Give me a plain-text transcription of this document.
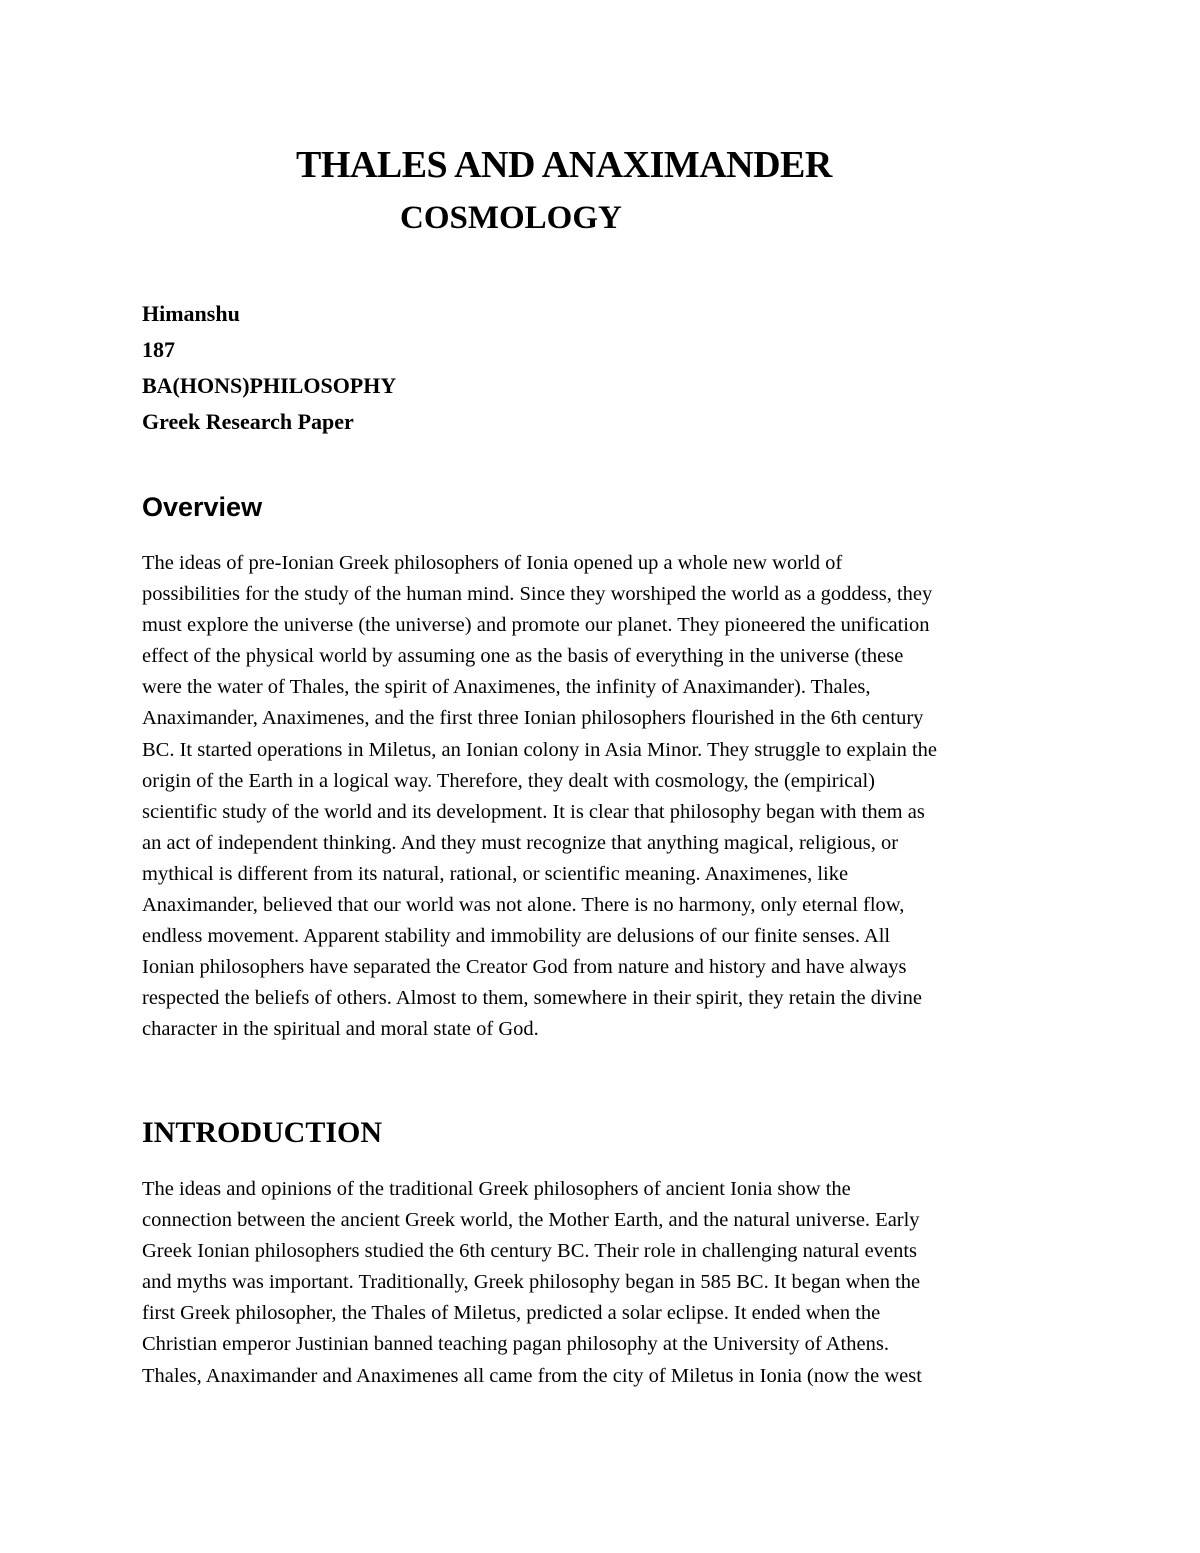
THALES AND ANAXIMANDER
COSMOLOGY
Himanshu
187
BA(HONS)PHILOSOPHY
Greek Research Paper
Overview
The ideas of pre-Ionian Greek philosophers of Ionia opened up a whole new world of
possibilities for the study of the human mind. Since they worshiped the world as a goddess, they
must explore the universe (the universe) and promote our planet. They pioneered the unification
effect of the physical world by assuming one as the basis of everything in the universe (these
were the water of Thales, the spirit of Anaximenes, the infinity of Anaximander). Thales,
Anaximander, Anaximenes, and the first three Ionian philosophers flourished in the 6th century
BC. It started operations in Miletus, an Ionian colony in Asia Minor. They struggle to explain the
origin of the Earth in a logical way. Therefore, they dealt with cosmology, the (empirical)
scientific study of the world and its development. It is clear that philosophy began with them as
an act of independent thinking. And they must recognize that anything magical, religious, or
mythical is different from its natural, rational, or scientific meaning. Anaximenes, like
Anaximander, believed that our world was not alone. There is no harmony, only eternal flow,
endless movement. Apparent stability and immobility are delusions of our finite senses. All
Ionian philosophers have separated the Creator God from nature and history and have always
respected the beliefs of others. Almost to them, somewhere in their spirit, they retain the divine
character in the spiritual and moral state of God.
INTRODUCTION
The ideas and opinions of the traditional Greek philosophers of ancient Ionia show the
connection between the ancient Greek world, the Mother Earth, and the natural universe. Early
Greek Ionian philosophers studied the 6th century BC. Their role in challenging natural events
and myths was important. Traditionally, Greek philosophy began in 585 BC. It began when the
first Greek philosopher, the Thales of Miletus, predicted a solar eclipse. It ended when the
Christian emperor Justinian banned teaching pagan philosophy at the University of Athens.
Thales, Anaximander and Anaximenes all came from the city of Miletus in Ionia (now the west
